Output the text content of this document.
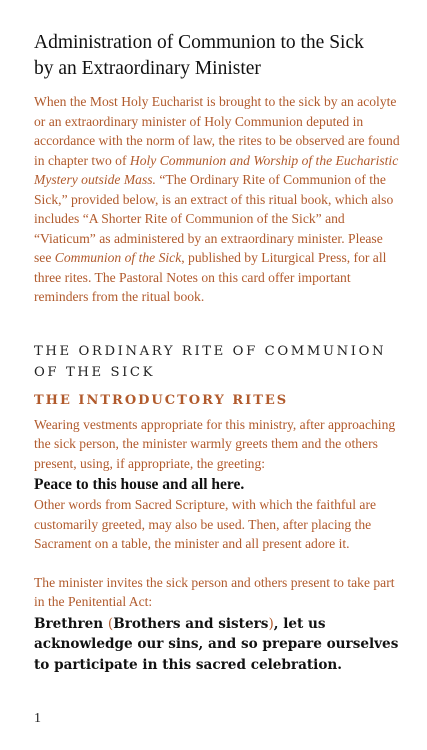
Administration of Communion to the Sick
by an Extraordinary Minister

When the Most Holy Eucharist is brought to the sick by an acolyte or an extraordinary minister of Holy Communion deputed in accordance with the norm of law, the rites to be observed are found in chapter two of Holy Communion and Worship of the Eucharistic Mystery outside Mass. “The Ordinary Rite of Communion of the Sick,” provided below, is an extract of this ritual book, which also includes “A Shorter Rite of Communion of the Sick” and “Viaticum” as administered by an extraordinary minister. Please see Communion of the Sick, published by Liturgical Press, for all three rites. The Pastoral Notes on this card offer important reminders from the ritual book.

THE ORDINARY RITE OF COMMUNION OF THE SICK
THE INTRODUCTORY RITES

Wearing vestments appropriate for this ministry, after approaching the sick person, the minister warmly greets them and the others present, using, if appropriate, the greeting:

Peace to this house and all here.

Other words from Sacred Scripture, with which the faithful are customarily greeted, may also be used. Then, after placing the Sacrament on a table, the minister and all present adore it.

The minister invites the sick person and others present to take part in the Penitential Act:

Brethren (Brothers and sisters), let us acknowledge our sins, and so prepare ourselves to participate in this sacred celebration.

1
